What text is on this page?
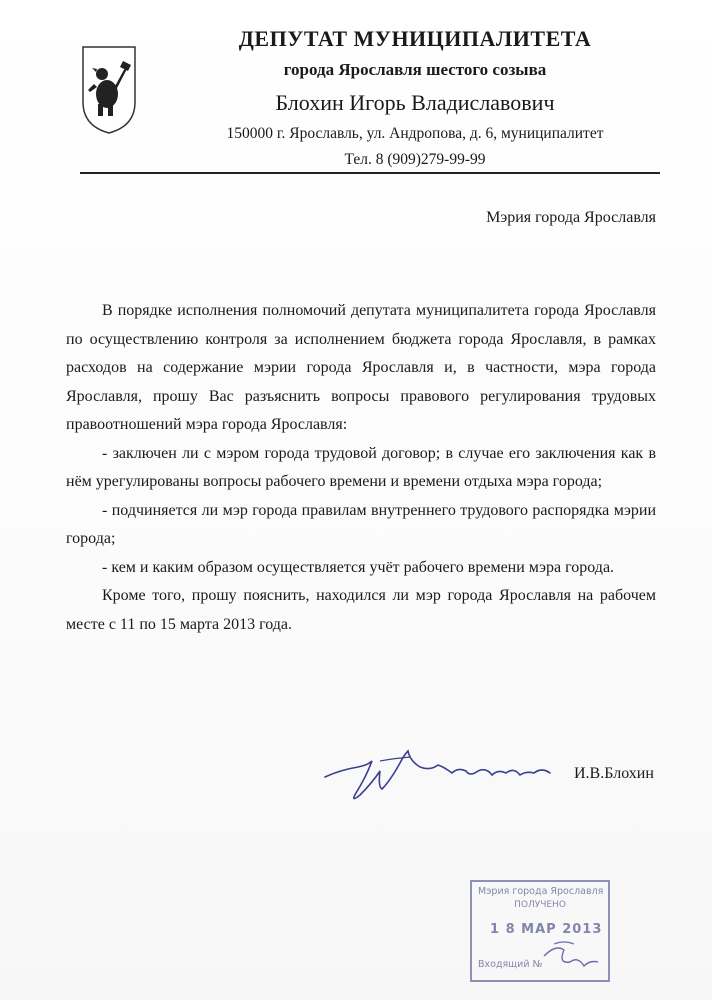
ДЕПУТАТ МУНИЦИПАЛИТЕТА
города Ярославля шестого созыва
Блохин Игорь Владиславович
150000 г. Ярославль, ул. Андропова, д. 6, муниципалитет
Тел. 8 (909)279-99-99
Мэрия города Ярославля

В порядке исполнения полномочий депутата муниципалитета города Ярославля по осуществлению контроля за исполнением бюджета города Ярославля, в рамках расходов на содержание мэрии города Ярославля и, в частности, мэра города Ярославля, прошу Вас разъяснить вопросы правового регулирования трудовых правоотношений мэра города Ярославля:

- заключен ли с мэром города трудовой договор; в случае его заключения как в нём урегулированы вопросы рабочего времени и времени отдыха мэра города;

- подчиняется ли мэр города правилам внутреннего трудового распорядка мэрии города;

- кем и каким образом осуществляется учёт рабочего времени мэра города.

Кроме того, прошу пояснить, находился ли мэр города Ярославля на рабочем месте с 11 по 15 марта 2013 года.

И.В.Блохин
Мэрия города Ярославля
ПОЛУЧЕНО
1 8 МАР 2013
Входящий №
